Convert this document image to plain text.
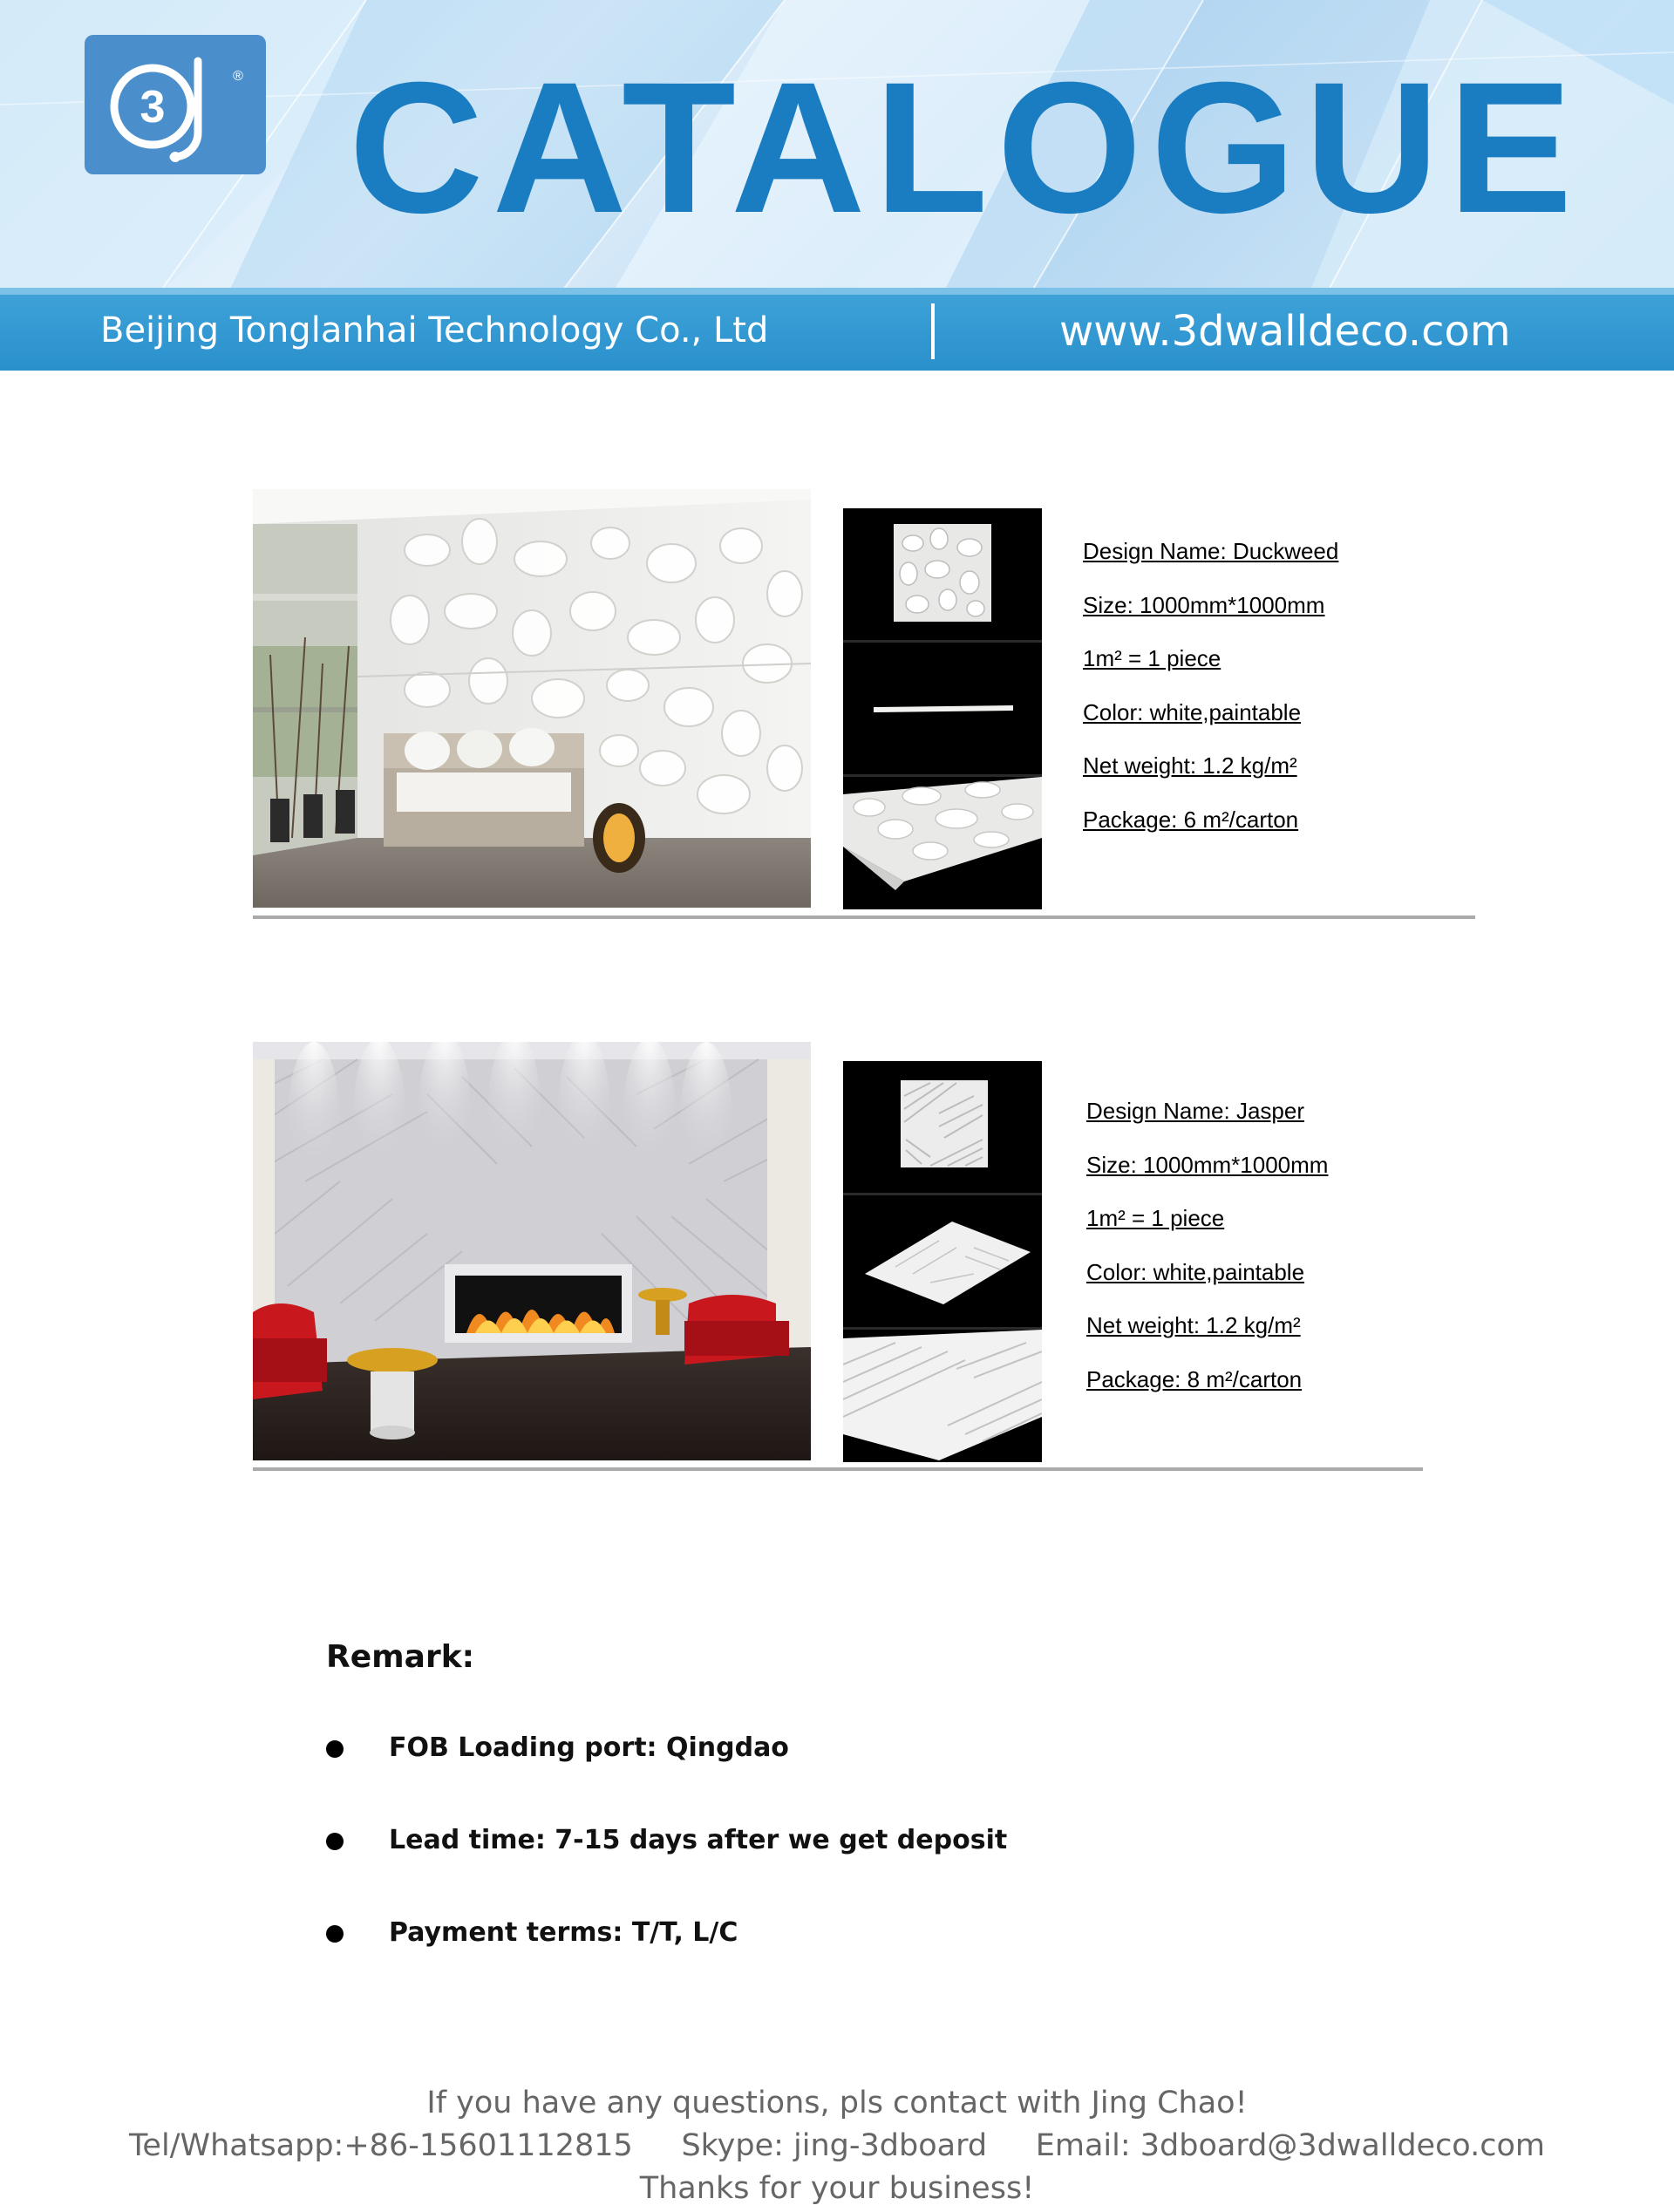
3
® CATALOGUE
Beijing Tonglanhai Technology Co., Ltd	www.3dwalldeco.com
Design Name: Duckweed
Size: 1000mm*1000mm
1m² = 1 piece
Color: white,paintable
Net weight: 1.2 kg/m²
Package: 6 m²/carton
Design Name: Jasper
Size: 1000mm*1000mm
1m² = 1 piece
Color: white,paintable
Net weight: 1.2 kg/m²
Package: 8 m²/carton
Remark:
FOB Loading port: Qingdao
Lead time: 7-15 days after we get deposit
Payment terms: T/T, L/C
If you have any questions, pls contact with Jing Chao!
Tel/Whatsapp:+86-15601112815 Skype: jing-3dboard Email: 3dboard@3dwalldeco.com
Thanks for your business!
